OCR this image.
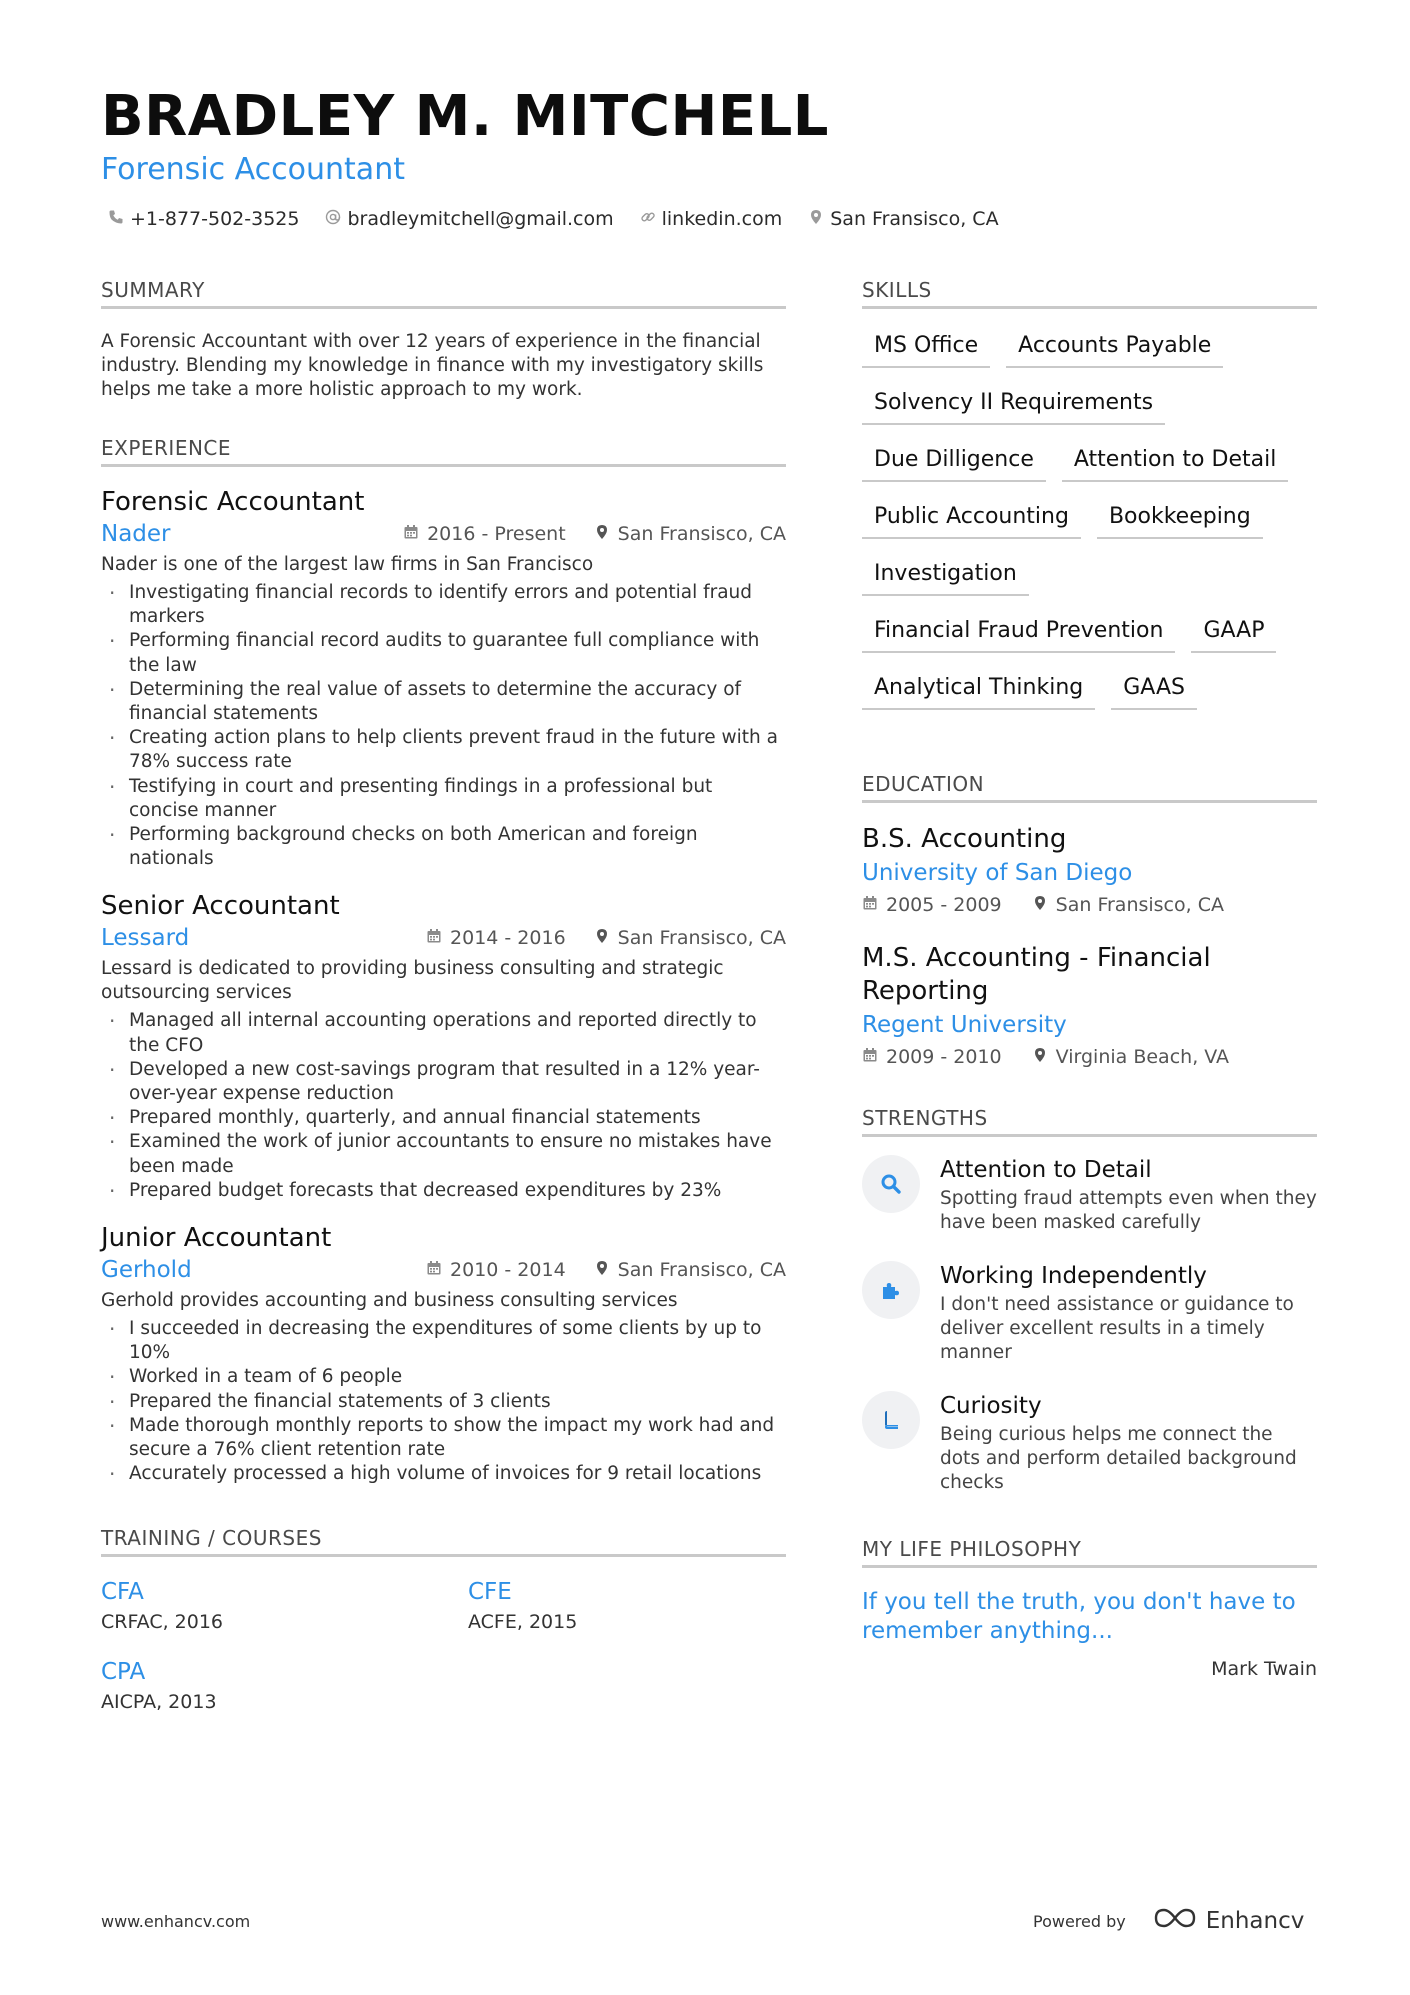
BRADLEY M. MITCHELL
Forensic Accountant
+1-877-502-3525	bradleymitchell@gmail.com	linkedin.com	San Fransisco, CA
SUMMARY
A Forensic Accountant with over 12 years of experience in the financial industry. Blending my knowledge in finance with my investigatory skills helps me take a more holistic approach to my work.
EXPERIENCE
Forensic Accountant
Nader	2016 - Present	San Fransisco, CA
Nader is one of the largest law firms in San Francisco
· Investigating financial records to identify errors and potential fraud markers
· Performing financial record audits to guarantee full compliance with the law
· Determining the real value of assets to determine the accuracy of financial statements
· Creating action plans to help clients prevent fraud in the future with a 78% success rate
· Testifying in court and presenting findings in a professional but concise manner
· Performing background checks on both American and foreign nationals
Senior Accountant
Lessard	2014 - 2016	San Fransisco, CA
Lessard is dedicated to providing business consulting and strategic outsourcing services
· Managed all internal accounting operations and reported directly to the CFO
· Developed a new cost-savings program that resulted in a 12% year-over-year expense reduction
· Prepared monthly, quarterly, and annual financial statements
· Examined the work of junior accountants to ensure no mistakes have been made
· Prepared budget forecasts that decreased expenditures by 23%
Junior Accountant
Gerhold	2010 - 2014	San Fransisco, CA
Gerhold provides accounting and business consulting services
· I succeeded in decreasing the expenditures of some clients by up to 10%
· Worked in a team of 6 people
· Prepared the financial statements of 3 clients
· Made thorough monthly reports to show the impact my work had and secure a 76% client retention rate
· Accurately processed a high volume of invoices for 9 retail locations
TRAINING / COURSES
CFA
CRFAC, 2016
CFE
ACFE, 2015
CPA
AICPA, 2013
SKILLS
MS Office	Accounts Payable
Solvency II Requirements
Due Dilligence	Attention to Detail
Public Accounting	Bookkeeping
Investigation
Financial Fraud Prevention	GAAP
Analytical Thinking	GAAS
EDUCATION
B.S. Accounting
University of San Diego
2005 - 2009	San Fransisco, CA
M.S. Accounting - Financial Reporting
Regent University
2009 - 2010	Virginia Beach, VA
STRENGTHS
Attention to Detail
Spotting fraud attempts even when they have been masked carefully
Working Independently
I don't need assistance or guidance to deliver excellent results in a timely manner
Curiosity
Being curious helps me connect the dots and perform detailed background checks
MY LIFE PHILOSOPHY
If you tell the truth, you don't have to remember anything...
Mark Twain
www.enhancv.com	Powered by	Enhancv
